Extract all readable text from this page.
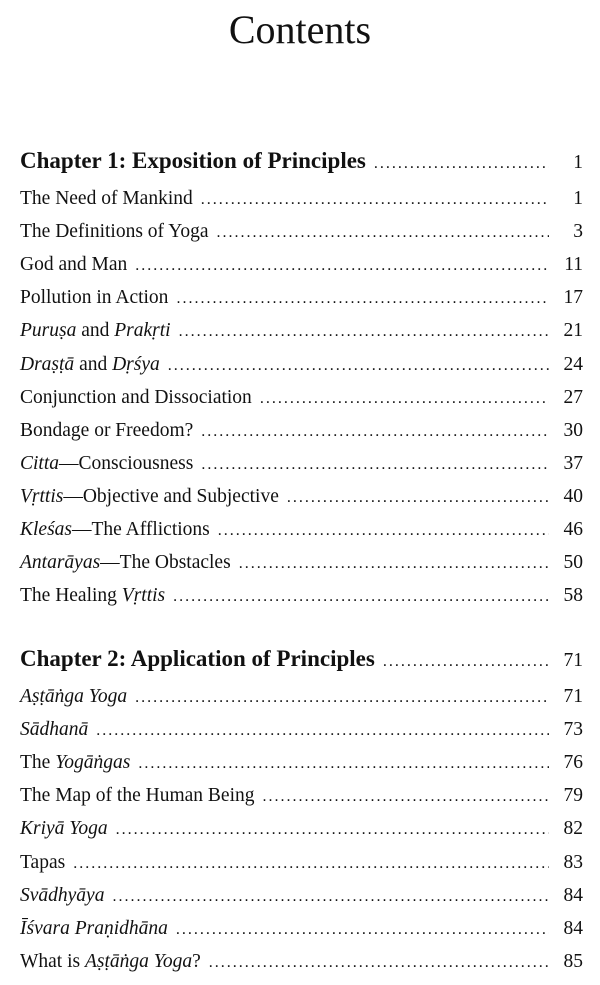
Contents
Chapter 1: Exposition of Principles .....	1
The Need of Mankind .....	1
The Definitions of Yoga .....	3
God and Man .....	11
Pollution in Action .....	17
Puruṣa and Prakṛti .....	21
Draṣṭā and Dṛśya .....	24
Conjunction and Dissociation .....	27
Bondage or Freedom? .....	30
Citta—Consciousness .....	37
Vṛttis—Objective and Subjective .....	40
Kleśas—The Afflictions .....	46
Antarāyas—The Obstacles .....	50
The Healing Vṛttis .....	58
Chapter 2: Application of Principles .....	71
Aṣṭāṅga Yoga .....	71
Sādhanā .....	73
The Yogāṅgas .....	76
The Map of the Human Being .....	79
Kriyā Yoga .....	82
Tapas .....	83
Svādhyāya .....	84
Īśvara Praṇidhāna .....	84
What is Aṣṭāṅga Yoga? .....	85
